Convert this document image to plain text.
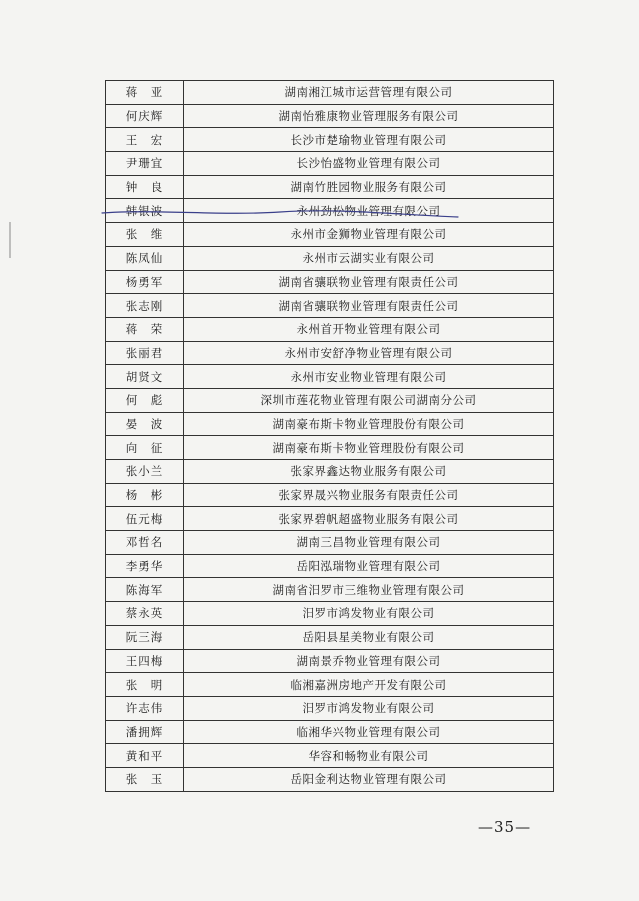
蒋　亚	湖南湘江城市运营管理有限公司
何庆辉	湖南怡雅康物业管理服务有限公司
王　宏	长沙市楚瑜物业管理有限公司
尹珊宜	长沙怡盛物业管理有限公司
钟　良	湖南竹胜园物业服务有限公司
韩银波	永州劲松物业管理有限公司
张　维	永州市金狮物业管理有限公司
陈凤仙	永州市云湖实业有限公司
杨勇军	湖南省骧联物业管理有限责任公司
张志刚	湖南省骧联物业管理有限责任公司
蒋　荣	永州首开物业管理有限公司
张丽君	永州市安舒净物业管理有限公司
胡贤文	永州市安业物业管理有限公司
何　彪	深圳市莲花物业管理有限公司湖南分公司
晏　波	湖南豪布斯卡物业管理股份有限公司
向　征	湖南豪布斯卡物业管理股份有限公司
张小兰	张家界鑫达物业服务有限公司
杨　彬	张家界晟兴物业服务有限责任公司
伍元梅	张家界碧帆超盛物业服务有限公司
邓哲名	湖南三昌物业管理有限公司
李勇华	岳阳泓瑞物业管理有限公司
陈海军	湖南省汨罗市三维物业管理有限公司
蔡永英	汨罗市鸿发物业有限公司
阮三海	岳阳县星美物业有限公司
王四梅	湖南景乔物业管理有限公司
张　明	临湘嘉洲房地产开发有限公司
许志伟	汨罗市鸿发物业有限公司
潘拥辉	临湘华兴物业管理有限公司
黄和平	华容和畅物业有限公司
张　玉	岳阳金利达物业管理有限公司
—35—
